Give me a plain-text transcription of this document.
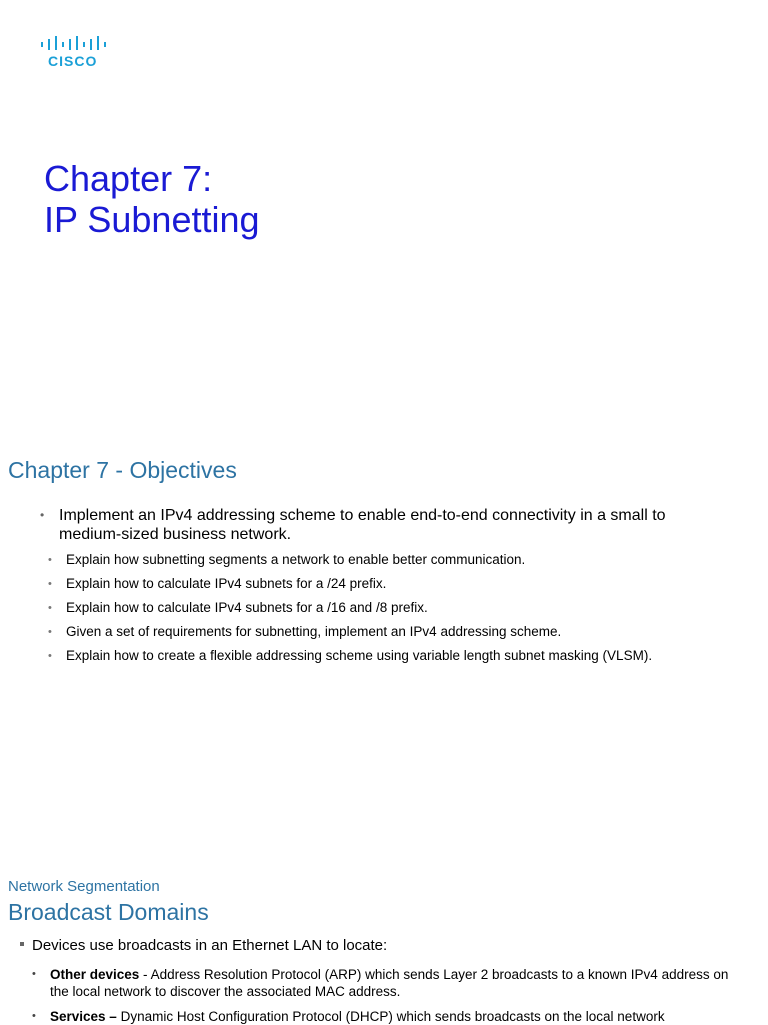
CISCO
Chapter 7:
IP Subnetting
Chapter 7 - Objectives
• Implement an IPv4 addressing scheme to enable end-to-end connectivity in a small to medium-sized business network.
• Explain how subnetting segments a network to enable better communication.
• Explain how to calculate IPv4 subnets for a /24 prefix.
• Explain how to calculate IPv4 subnets for a /16 and /8 prefix.
• Given a set of requirements for subnetting, implement an IPv4 addressing scheme.
• Explain how to create a flexible addressing scheme using variable length subnet masking (VLSM).
Network Segmentation
Broadcast Domains
Devices use broadcasts in an Ethernet LAN to locate:
• Other devices - Address Resolution Protocol (ARP) which sends Layer 2 broadcasts to a known IPv4 address on the local network to discover the associated MAC address.
• Services – Dynamic Host Configuration Protocol (DHCP) which sends broadcasts on the local network
